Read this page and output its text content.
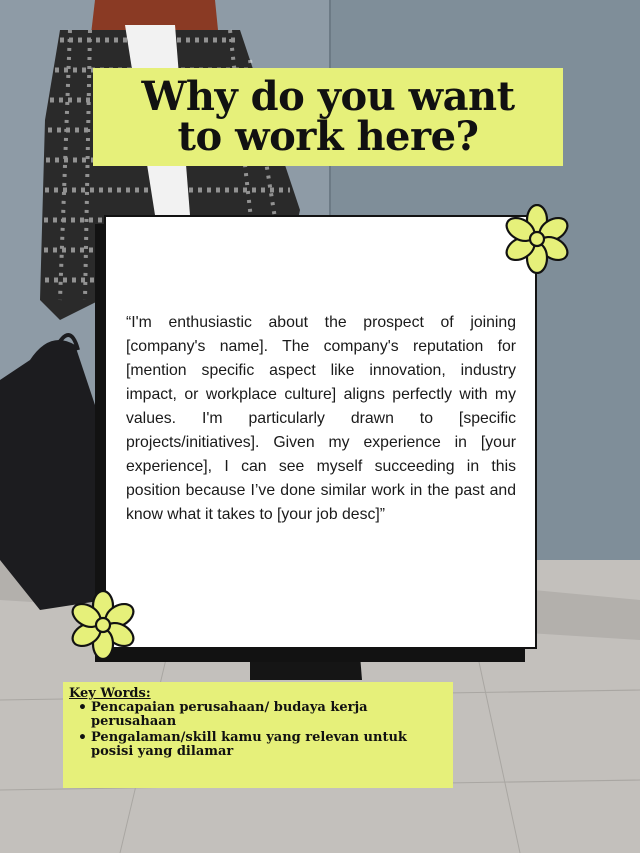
Why do you want
to work here?
“I'm enthusiastic about the prospect of joining [company's name]. The company's reputation for [mention specific aspect like innovation, industry impact, or workplace culture] aligns perfectly with my values. I'm particularly drawn to [specific projects/initiatives]. Given my experience in [your experience], I can see myself succeeding in this position because I’ve done similar work in the past and know what it takes to [your job desc]”
Key Words:
• Pencapaian perusahaan/ budaya kerja perusahaan
• Pengalaman/skill kamu yang relevan untuk posisi yang dilamar
